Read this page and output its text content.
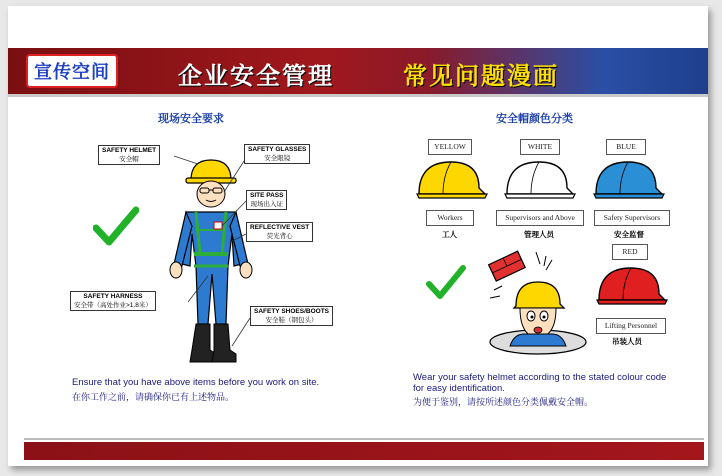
宣传空间	企业安全管理	常见问题漫画
现场安全要求
SAFETY HELMET
安全帽
SAFETY GLASSES
安全眼镜
SITE PASS
现场出入证
REFLECTIVE VEST
荧光背心
SAFETY HARNESS
安全带（高处作业>1.8米）
SAFETY SHOES/BOOTS
安全鞋（钢包头）
Ensure that you have above items before you work on site.
在你工作之前，请确保你已有上述物品。
安全帽颜色分类
YELLOW	WHITE	BLUE
RED
Workers	Supervisors and Above	Safety Supervisors
Lifting Personnel
工人	管理人员	安全监督
吊装人员
Wear your safety helmet according to the stated colour code
for easy identification.
为便于鉴别，请按所述颜色分类佩戴安全帽。
